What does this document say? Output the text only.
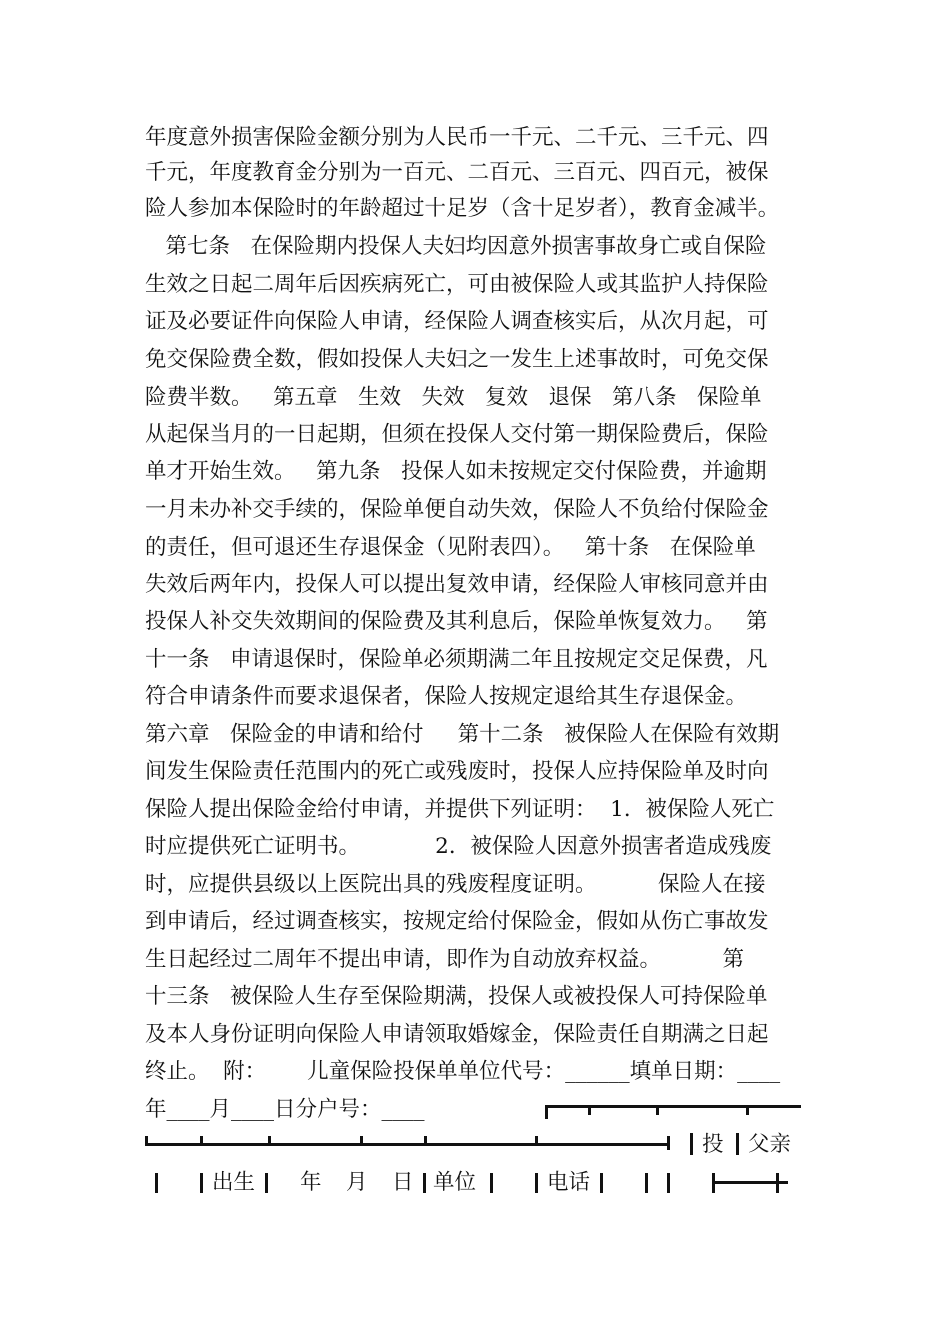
年度意外损害保险金额分别为人民币一千元、二千元、三千元、四
千元，年度教育金分别为一百元、二百元、三百元、四百元，被保
险人参加本保险时的年龄超过十足岁（含十足岁者），教育金减半。
第七条   在保险期内投保人夫妇均因意外损害事故身亡或自保险
生效之日起二周年后因疾病死亡，可由被保险人或其监护人持保险
证及必要证件向保险人申请，经保险人调查核实后，从次月起，可
免交保险费全数，假如投保人夫妇之一发生上述事故时，可免交保
险费半数。   第五章   生效   失效   复效   退保   第八条   保险单
从起保当月的一日起期，但须在投保人交付第一期保险费后，保险
单才开始生效。   第九条   投保人如未按规定交付保险费，并逾期
一月未办补交手续的，保险单便自动失效，保险人不负给付保险金
的责任，但可退还生存退保金（见附表四）。   第十条   在保险单
失效后两年内，投保人可以提出复效申请，经保险人审核同意并由
投保人补交失效期间的保险费及其利息后，保险单恢复效力。   第
十一条   申请退保时，保险单必须期满二年且按规定交足保费，凡
符合申请条件而要求退保者，保险人按规定退给其生存退保金。
第六章   保险金的申请和给付     第十二条   被保险人在保险有效期
间发生保险责任范围内的死亡或残废时，投保人应持保险单及时向
保险人提出保险金给付申请，并提供下列证明：  1．被保险人死亡
时应提供死亡证明书。           2．被保险人因意外损害者造成残废
时，应提供县级以上医院出具的残废程度证明。         保险人在接
到申请后，经过调查核实，按规定给付保险金，假如从伤亡事故发
生日起经过二周年不提出申请，即作为自动放弃权益。         第
十三条   被保险人生存至保险期满，投保人或被投保人可持保险单
及本人身份证明向保险人申请领取婚嫁金，保险责任自期满之日起
终止。  附：      儿童保险投保单单位代号：______填单日期：____
年____月____日分户号：____
投 父亲
出生 年 月 日 单位	电话
